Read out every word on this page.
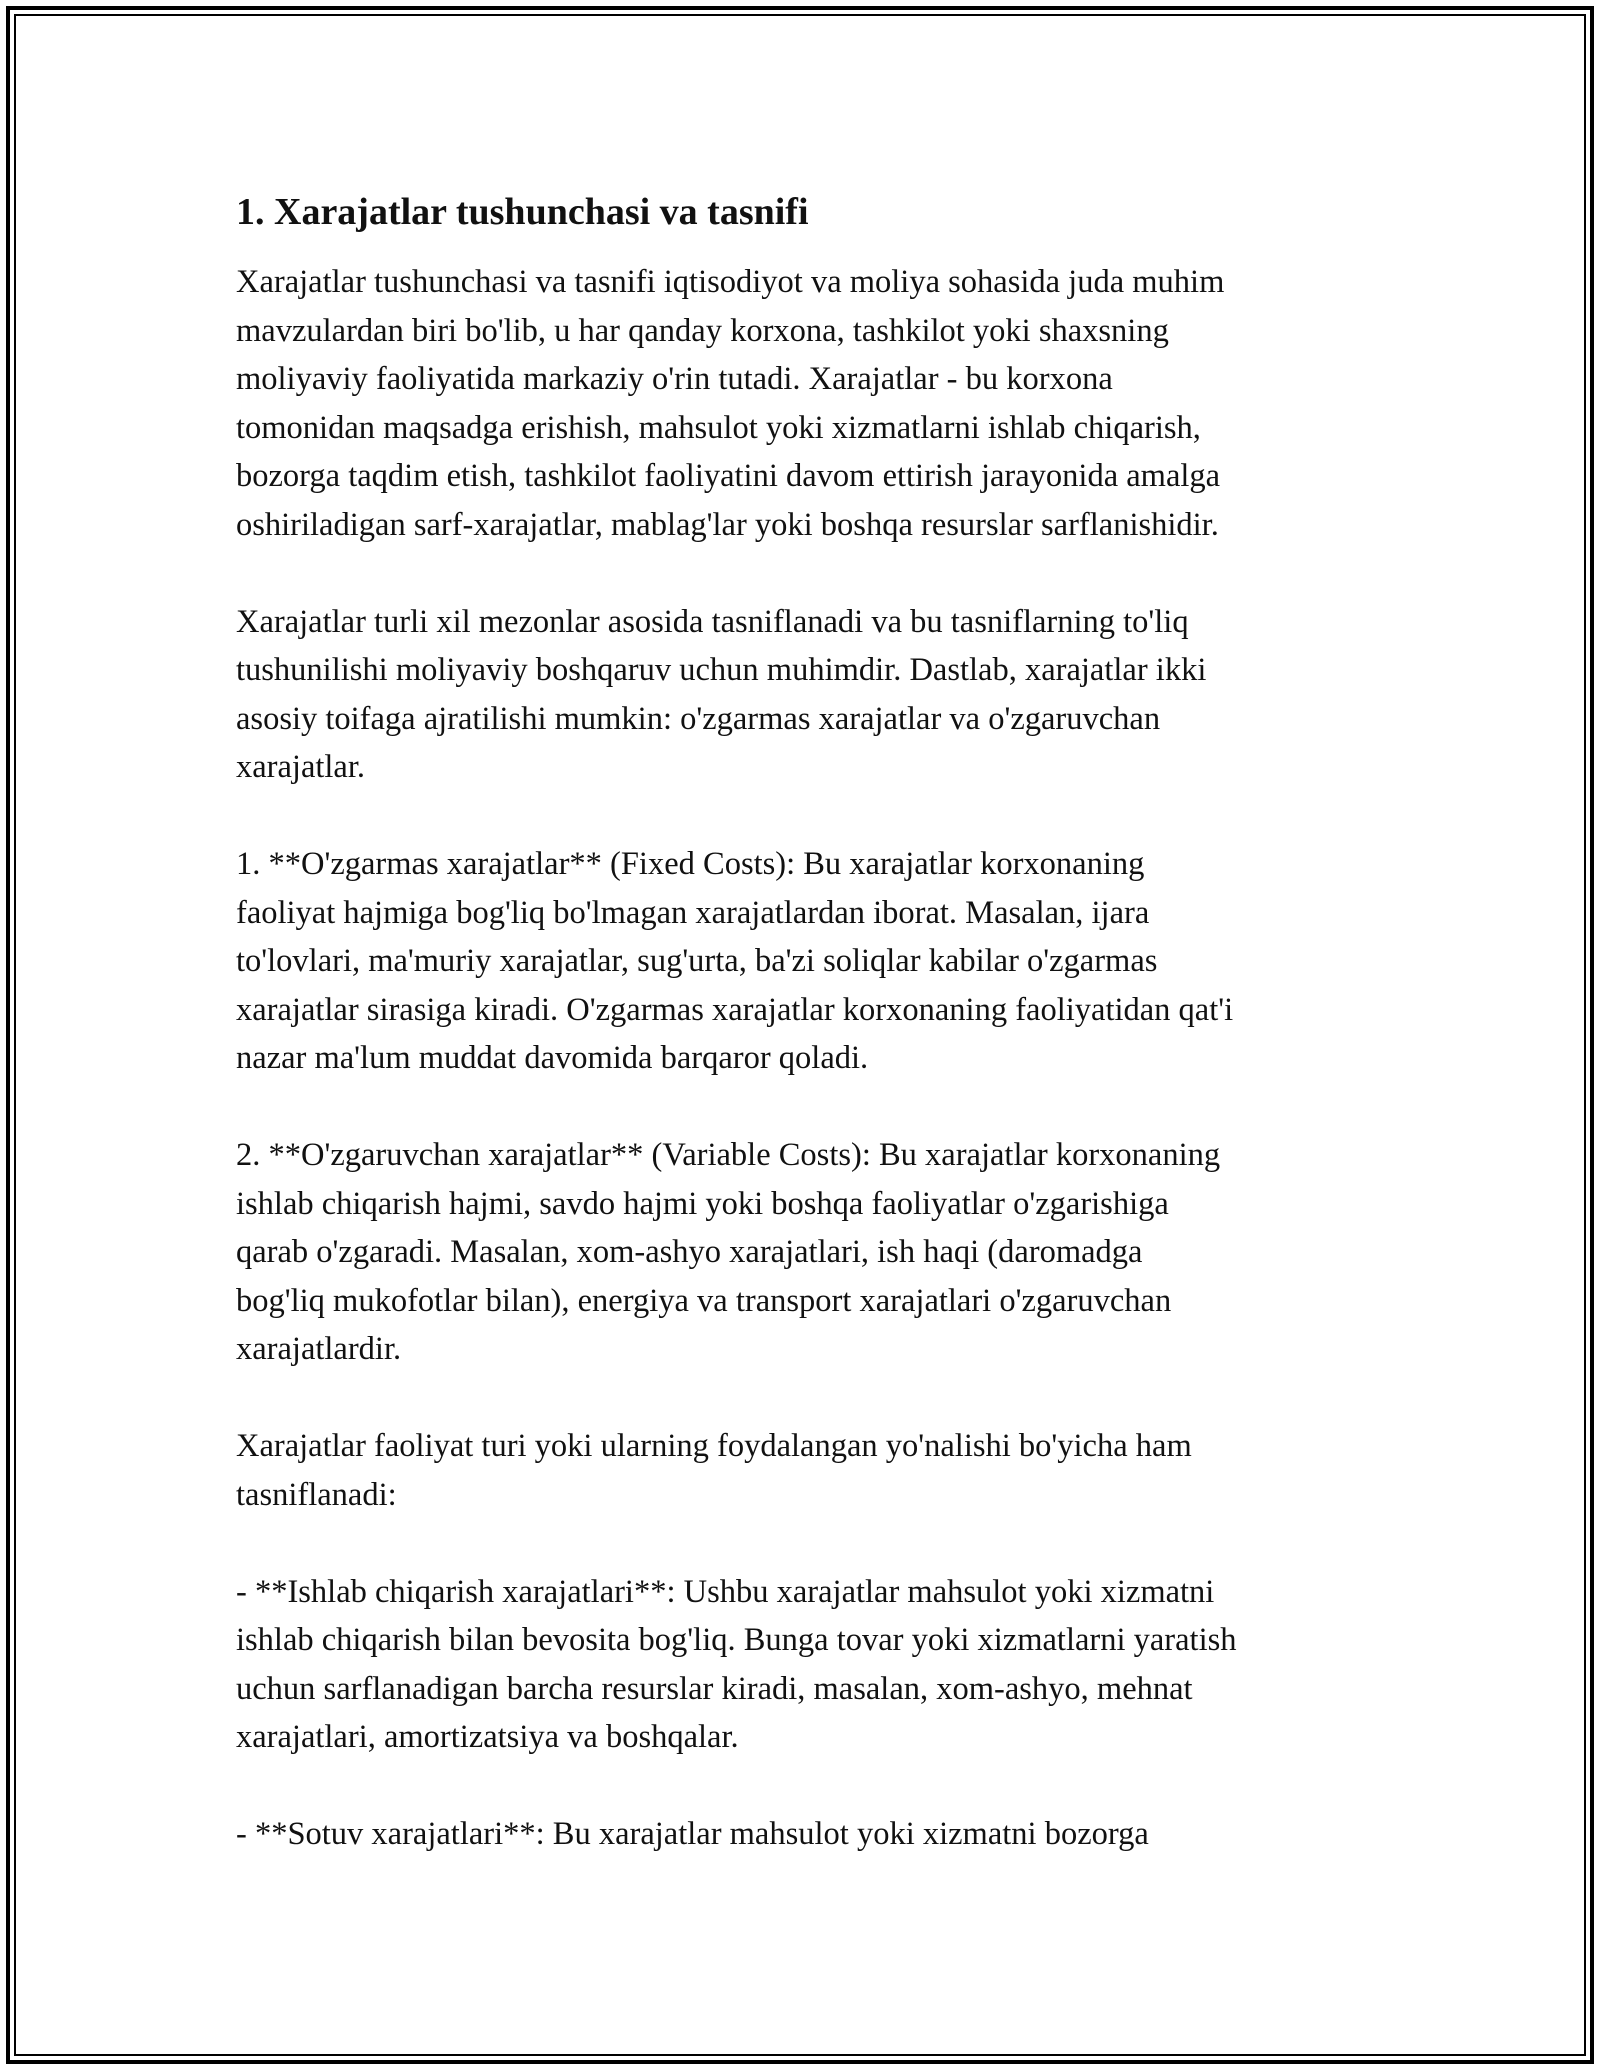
1. Xarajatlar tushunchasi va tasnifi
Xarajatlar tushunchasi va tasnifi iqtisodiyot va moliya sohasida juda muhim
mavzulardan biri bo'lib, u har qanday korxona, tashkilot yoki shaxsning
moliyaviy faoliyatida markaziy o'rin tutadi. Xarajatlar - bu korxona
tomonidan maqsadga erishish, mahsulot yoki xizmatlarni ishlab chiqarish,
bozorga taqdim etish, tashkilot faoliyatini davom ettirish jarayonida amalga
oshiriladigan sarf-xarajatlar, mablag'lar yoki boshqa resurslar sarflanishidir.
Xarajatlar turli xil mezonlar asosida tasniflanadi va bu tasniflarning to'liq
tushunilishi moliyaviy boshqaruv uchun muhimdir. Dastlab, xarajatlar ikki
asosiy toifaga ajratilishi mumkin: o'zgarmas xarajatlar va o'zgaruvchan
xarajatlar.
1. **O'zgarmas xarajatlar** (Fixed Costs): Bu xarajatlar korxonaning
faoliyat hajmiga bog'liq bo'lmagan xarajatlardan iborat. Masalan, ijara
to'lovlari, ma'muriy xarajatlar, sug'urta, ba'zi soliqlar kabilar o'zgarmas
xarajatlar sirasiga kiradi. O'zgarmas xarajatlar korxonaning faoliyatidan qat'i
nazar ma'lum muddat davomida barqaror qoladi.
2. **O'zgaruvchan xarajatlar** (Variable Costs): Bu xarajatlar korxonaning
ishlab chiqarish hajmi, savdo hajmi yoki boshqa faoliyatlar o'zgarishiga
qarab o'zgaradi. Masalan, xom-ashyo xarajatlari, ish haqi (daromadga
bog'liq mukofotlar bilan), energiya va transport xarajatlari o'zgaruvchan
xarajatlardir.
Xarajatlar faoliyat turi yoki ularning foydalangan yo'nalishi bo'yicha ham
tasniflanadi:
- **Ishlab chiqarish xarajatlari**: Ushbu xarajatlar mahsulot yoki xizmatni
ishlab chiqarish bilan bevosita bog'liq. Bunga tovar yoki xizmatlarni yaratish
uchun sarflanadigan barcha resurslar kiradi, masalan, xom-ashyo, mehnat
xarajatlari, amortizatsiya va boshqalar.
- **Sotuv xarajatlari**: Bu xarajatlar mahsulot yoki xizmatni bozorga
